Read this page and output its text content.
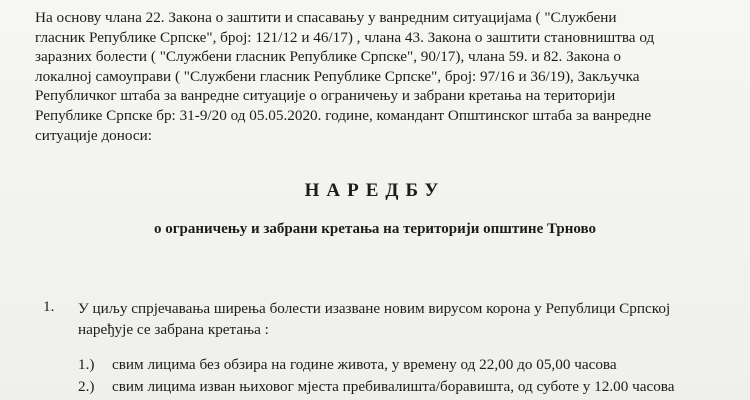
На основу члана 22. Закона о заштити и спасавању у ванредним ситуацијама ( "Службени
гласник Републике Српске", број: 121/12 и 46/17) , члана 43. Закона о заштити становништва од
заразних болести ( "Службени гласник Републике Српске", 90/17), члана 59. и 82. Закона о
локалној самоуправи ( "Службени гласник Републике Српске", број: 97/16 и 36/19), Закључка
Републичког штаба за ванредне ситуације о ограничењу и забрани кретања на територији
Републике Српске бр: 31-9/20 од 05.05.2020. године, командант Општинског штаба за ванредне
ситуације доноси:

НАРЕДБУ
о ограничењу и забрани кретања на територији општине Трново
1. У циљу спрјечавања ширења болести изазване новим вирусом корона у Републици Српској
наређује се забрана кретања :
1.) свим лицима без обзира на године живота, у времену од 22,00 до 05,00 часова
2.) свим лицима изван њиховог мјеста пребивалишта/боравишта, од суботе у 12.00 часова
